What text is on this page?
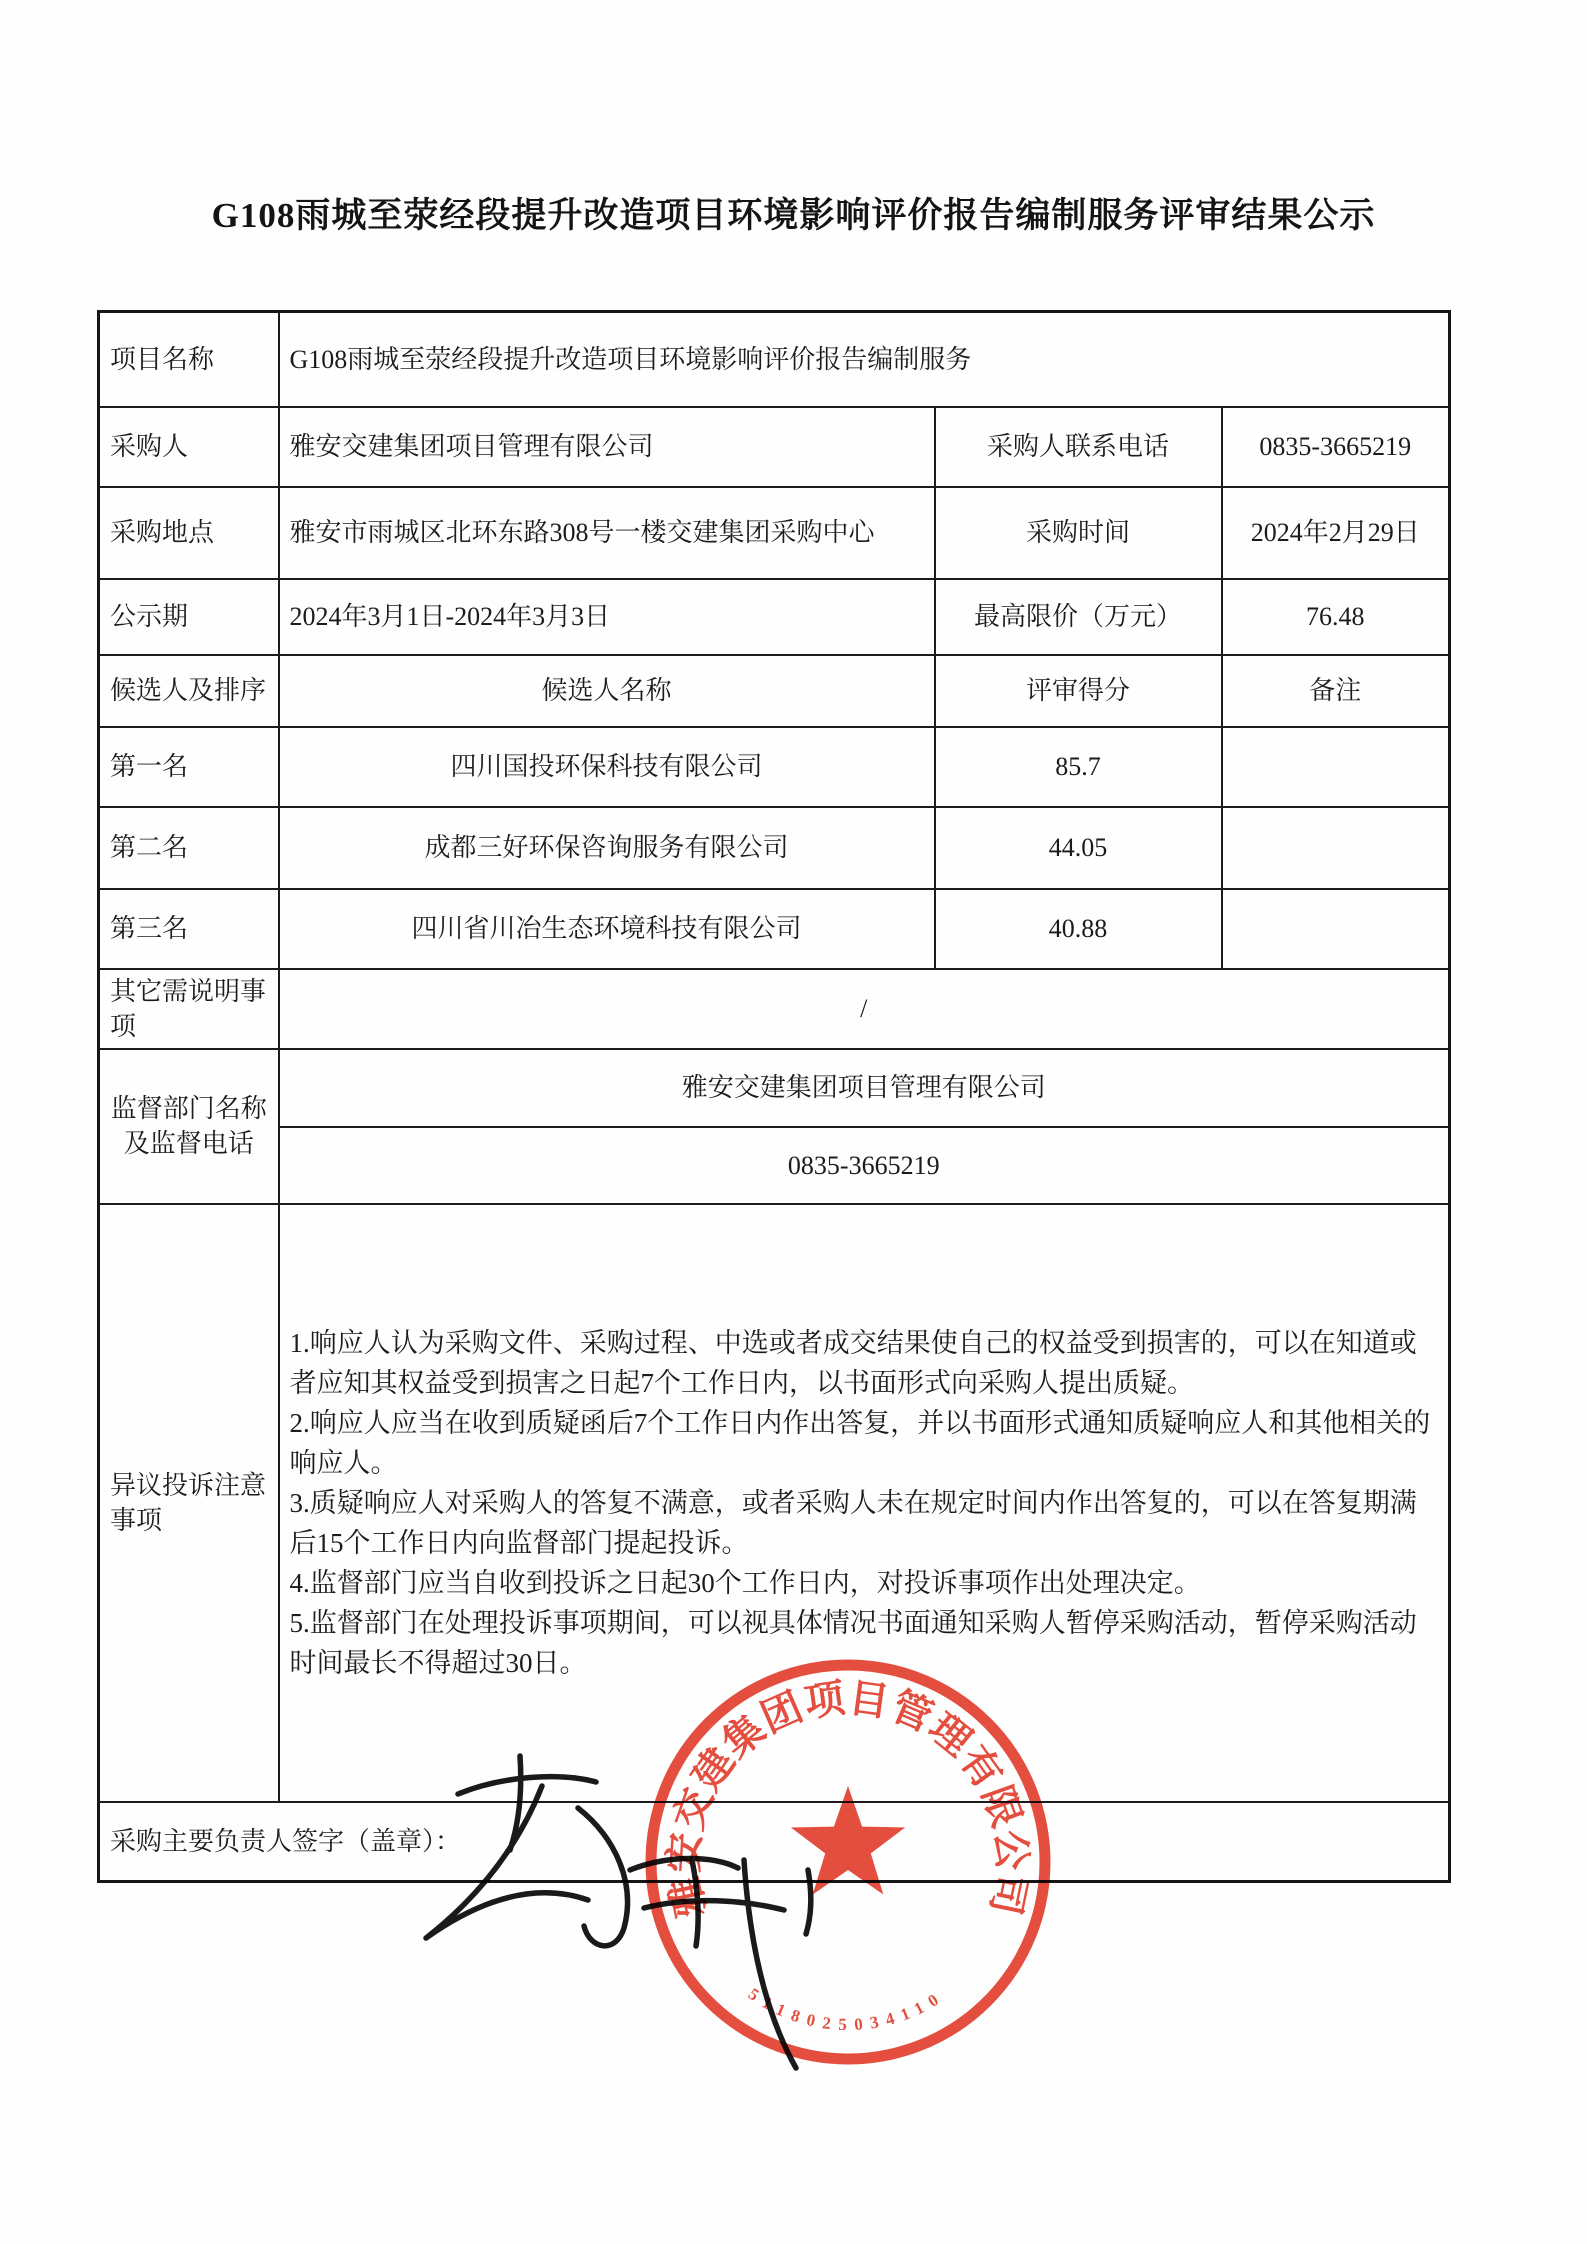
G108雨城至荥经段提升改造项目环境影响评价报告编制服务评审结果公示
项目名称	G108雨城至荥经段提升改造项目环境影响评价报告编制服务		
采购人	雅安交建集团项目管理有限公司	采购人联系电话	0835-3665219
采购地点	雅安市雨城区北环东路308号一楼交建集团采购中心	采购时间	2024年2月29日
公示期	2024年3月1日-2024年3月3日	最高限价（万元）	76.48
候选人及排序	候选人名称	评审得分	备注
第一名	四川国投环保科技有限公司	85.7	
第二名	成都三好环保咨询服务有限公司	44.05	
第三名	四川省川冶生态环境科技有限公司	40.88	
其它需说明事项	/		
监督部门名称及监督电话	雅安交建集团项目管理有限公司		
	0835-3665219		
异议投诉注意事项	1.响应人认为采购文件、采购过程、中选或者成交结果使自己的权益受到损害的，可以在知道或者应知其权益受到损害之日起7个工作日内，以书面形式向采购人提出质疑。
2.响应人应当在收到质疑函后7个工作日内作出答复，并以书面形式通知质疑响应人和其他相关的响应人。
3.质疑响应人对采购人的答复不满意，或者采购人未在规定时间内作出答复的，可以在答复期满后15个工作日内向监督部门提起投诉。
4.监督部门应当自收到投诉之日起30个工作日内，对投诉事项作出处理决定。
5.监督部门在处理投诉事项期间，可以视具体情况书面通知采购人暂停采购活动，暂停采购活动时间最长不得超过30日。		

采购主要负责人签字（盖章）：			
雅安交建集团项目管理有限公司
5118025034110
